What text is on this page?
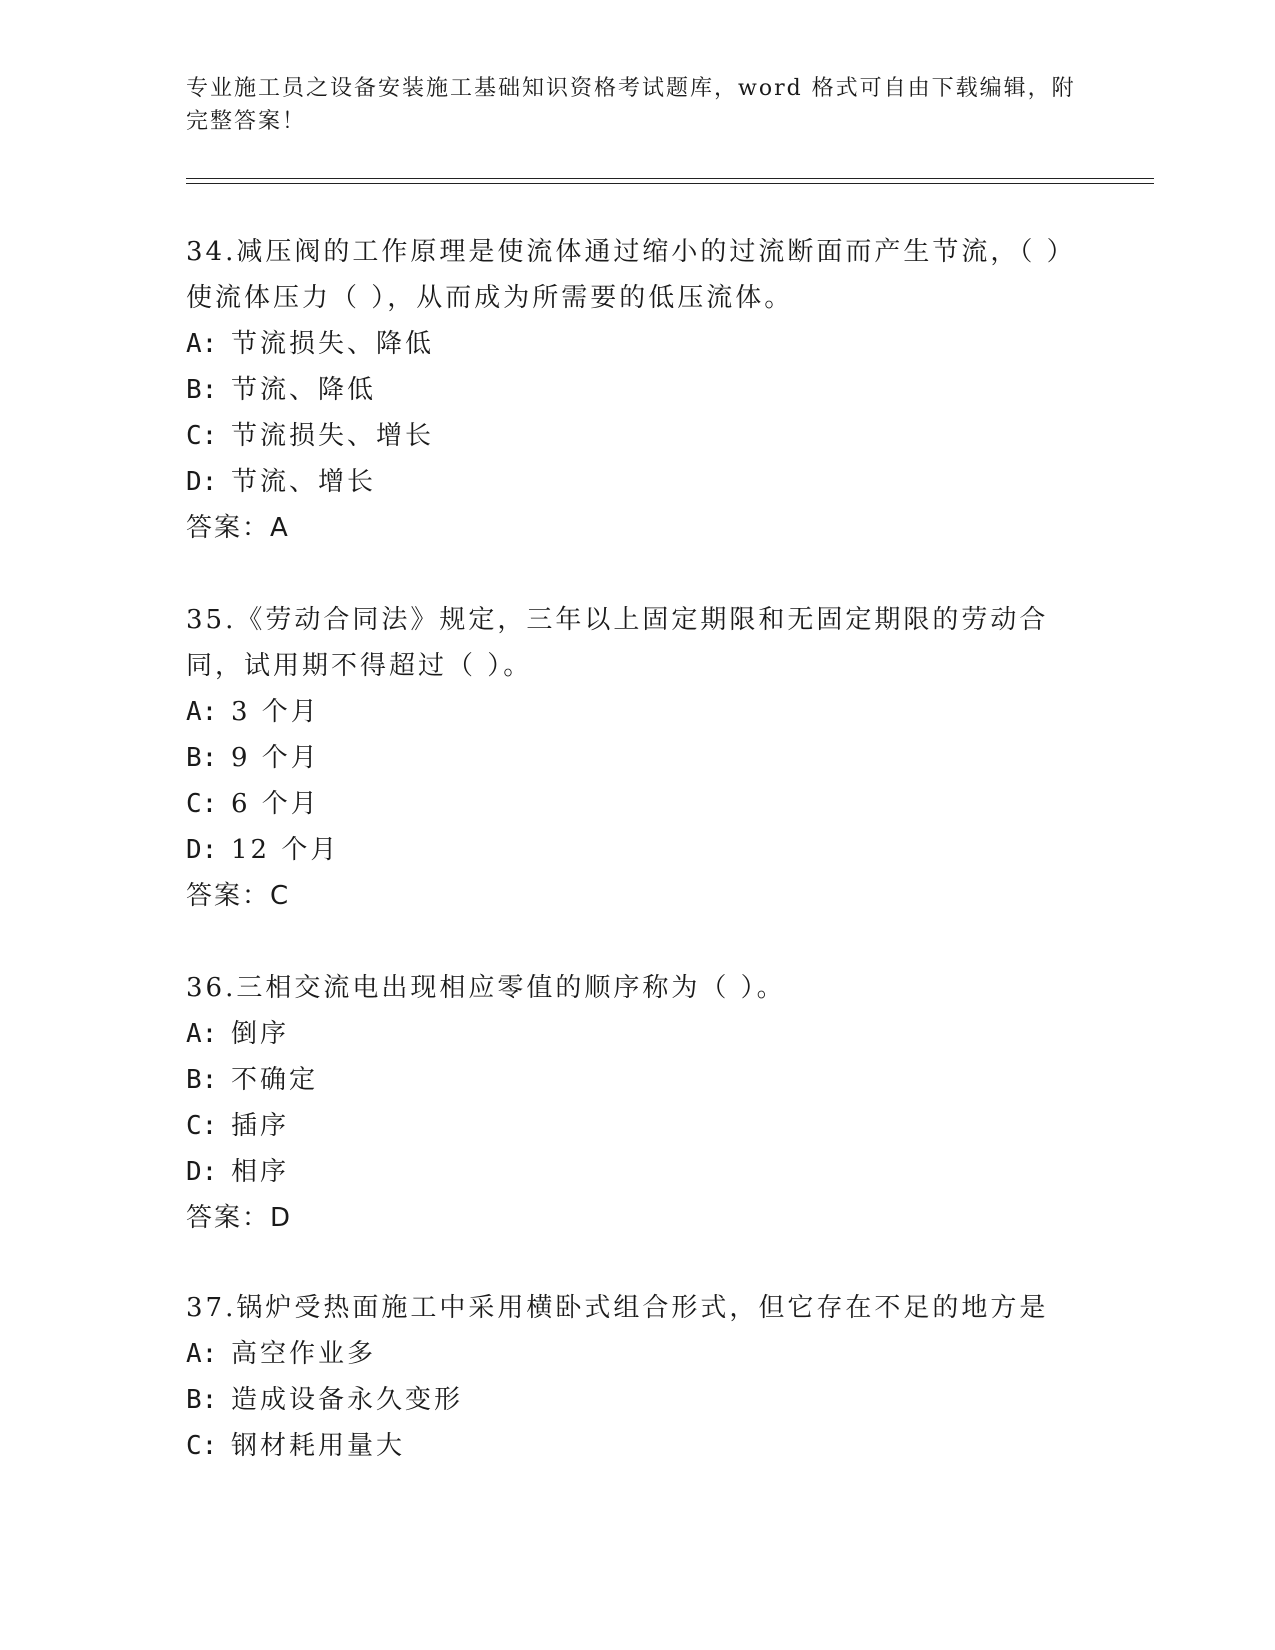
专业施工员之设备安装施工基础知识资格考试题库，word 格式可自由下载编辑，附完整答案！

34.减压阀的工作原理是使流体通过缩小的过流断面而产生节流，（ ）使流体压力（ ），从而成为所需要的低压流体。

A: 节流损失、降低

B: 节流、降低

C: 节流损失、增长

D: 节流、增长

答案：A

35.《劳动合同法》规定，三年以上固定期限和无固定期限的劳动合同，试用期不得超过（ ）。

A: 3 个月

B: 9 个月

C: 6 个月

D: 12 个月

答案：C

36.三相交流电出现相应零值的顺序称为（ ）。

A: 倒序

B: 不确定

C: 插序

D: 相序

答案：D

37.锅炉受热面施工中采用横卧式组合形式，但它存在不足的地方是

A: 高空作业多

B: 造成设备永久变形

C: 钢材耗用量大
